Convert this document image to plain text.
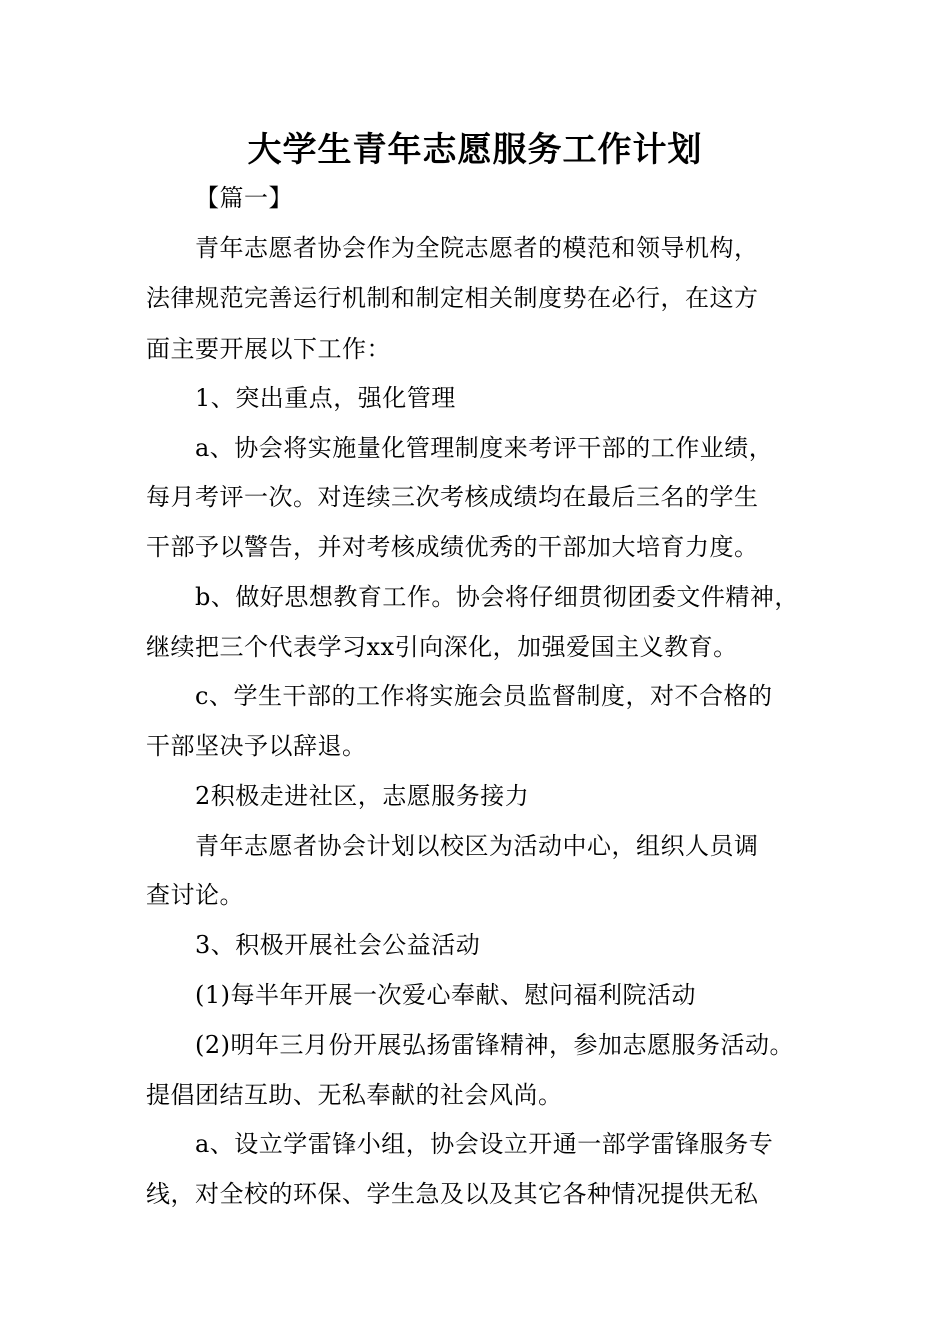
大学生青年志愿服务工作计划
【篇一】
青年志愿者协会作为全院志愿者的模范和领导机构，
法律规范完善运行机制和制定相关制度势在必行，在这方
面主要开展以下工作：
1、突出重点，强化管理
a、协会将实施量化管理制度来考评干部的工作业绩，
每月考评一次。对连续三次考核成绩均在最后三名的学生
干部予以警告，并对考核成绩优秀的干部加大培育力度。
b、做好思想教育工作。协会将仔细贯彻团委文件精神，
继续把三个代表学习xx引向深化，加强爱国主义教育。
c、学生干部的工作将实施会员监督制度，对不合格的
干部坚决予以辞退。
2积极走进社区，志愿服务接力
青年志愿者协会计划以校区为活动中心，组织人员调
查讨论。
3、积极开展社会公益活动
(1)每半年开展一次爱心奉献、慰问福利院活动
(2)明年三月份开展弘扬雷锋精神，参加志愿服务活动。
提倡团结互助、无私奉献的社会风尚。
a、设立学雷锋小组，协会设立开通一部学雷锋服务专
线，对全校的环保、学生急及以及其它各种情况提供无私
